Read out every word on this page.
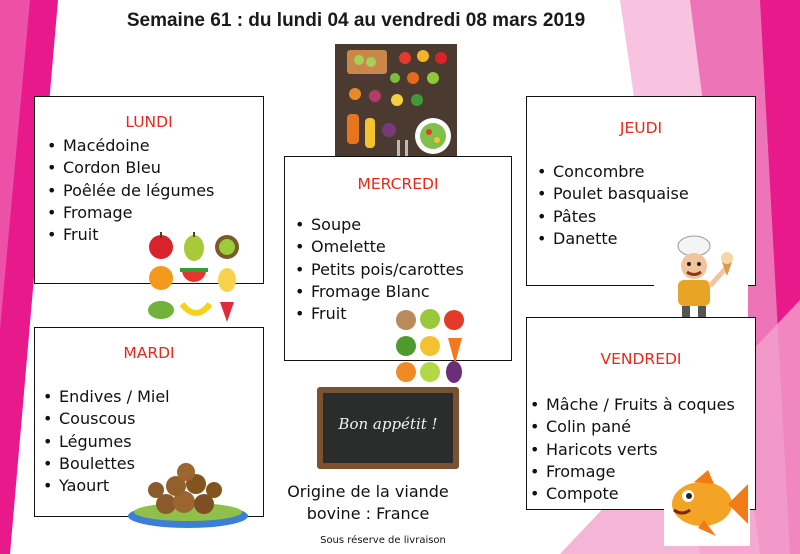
Semaine 61 : du lundi 04 au vendredi 08 mars 2019
LUNDI
• Macédoine
• Cordon Bleu
• Poêlée de légumes
• Fromage
• Fruit
MARDI
• Endives / Miel
• Couscous
• Légumes
• Boulettes
• Yaourt
MERCREDI
• Soupe
• Omelette
• Petits pois/carottes
• Fromage Blanc
• Fruit
Bon appétit !
Origine de la viande
bovine : France
Sous réserve de livraison
JEUDI
• Concombre
• Poulet basquaise
• Pâtes
• Danette
VENDREDI
• Mâche / Fruits à coques
• Colin pané
• Haricots verts
• Fromage
• Compote
